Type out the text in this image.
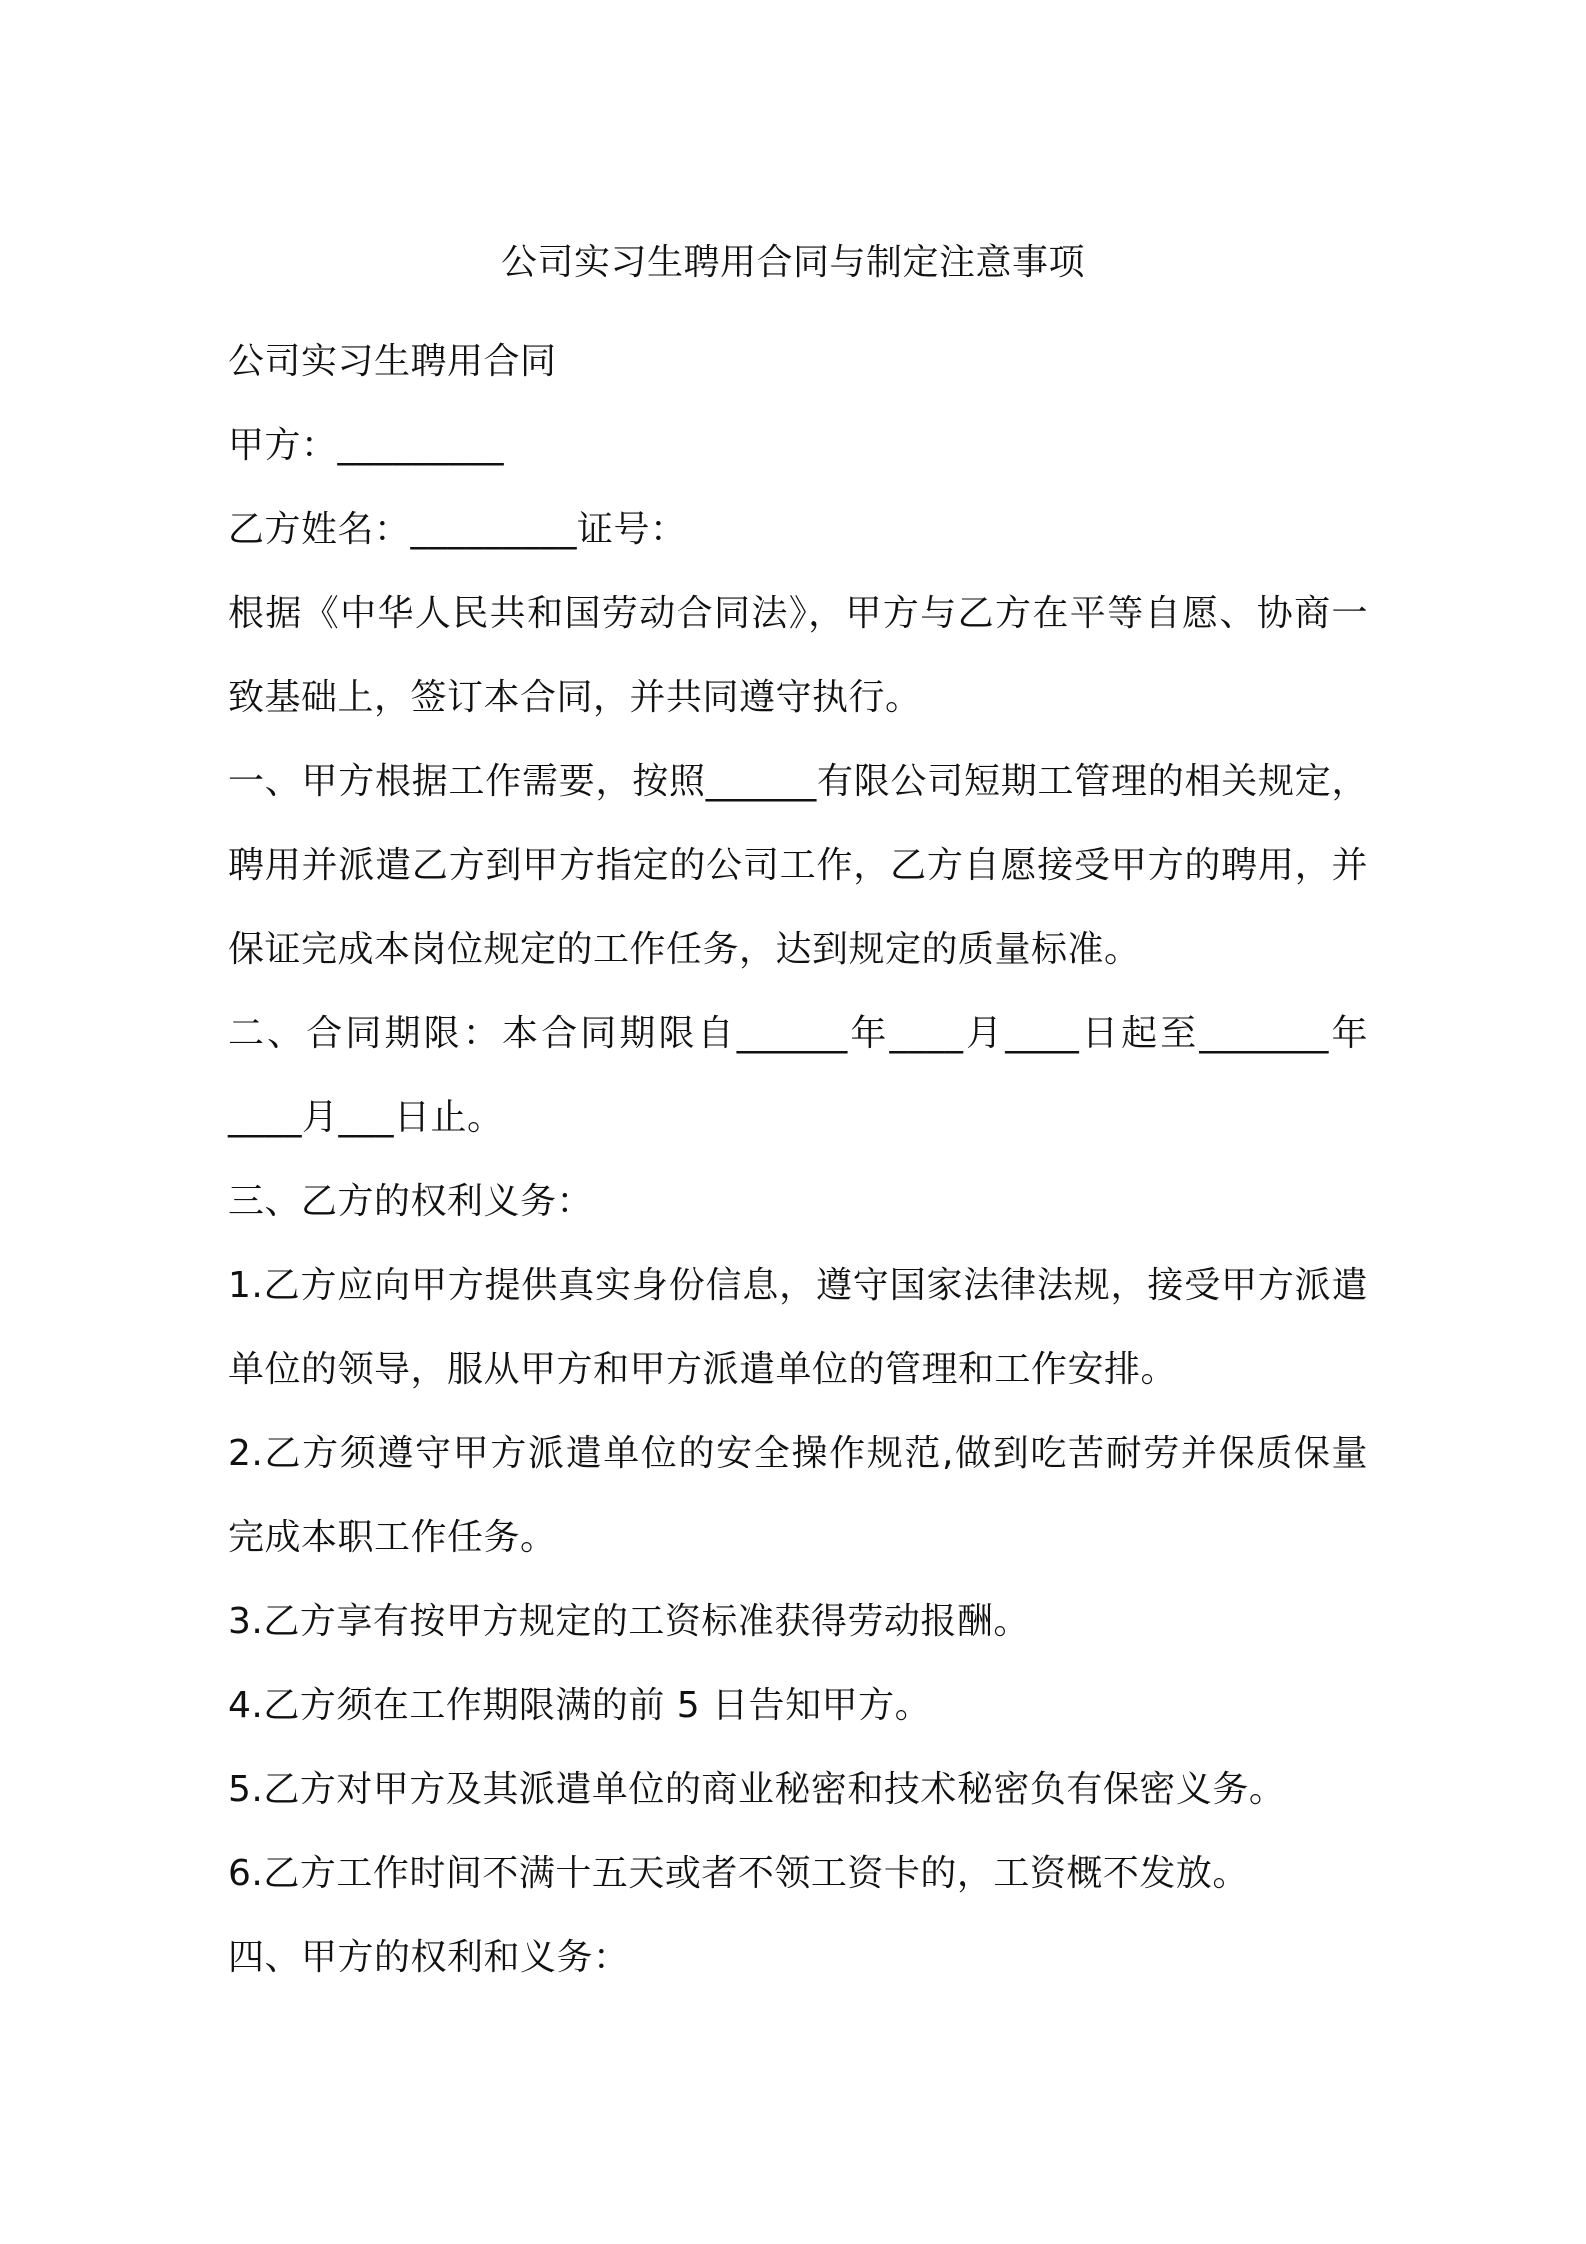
公司实习生聘用合同与制定注意事项

公司实习生聘用合同

甲方：_________

乙方姓名：_________证号：

根据《中华人民共和国劳动合同法》，甲方与乙方在平等自愿、协商一致基础上，签订本合同，并共同遵守执行。

一、甲方根据工作需要，按照______有限公司短期工管理的相关规定，聘用并派遣乙方到甲方指定的公司工作，乙方自愿接受甲方的聘用，并保证完成本岗位规定的工作任务，达到规定的质量标准。

二、合同期限：本合同期限自______年____月____日起至_______年____月___日止。

三、乙方的权利义务：

1.乙方应向甲方提供真实身份信息，遵守国家法律法规，接受甲方派遣单位的领导，服从甲方和甲方派遣单位的管理和工作安排。

2.乙方须遵守甲方派遣单位的安全操作规范,做到吃苦耐劳并保质保量完成本职工作任务。

3.乙方享有按甲方规定的工资标准获得劳动报酬。

4.乙方须在工作期限满的前 5 日告知甲方。

5.乙方对甲方及其派遣单位的商业秘密和技术秘密负有保密义务。

6.乙方工作时间不满十五天或者不领工资卡的，工资概不发放。

四、甲方的权利和义务：
